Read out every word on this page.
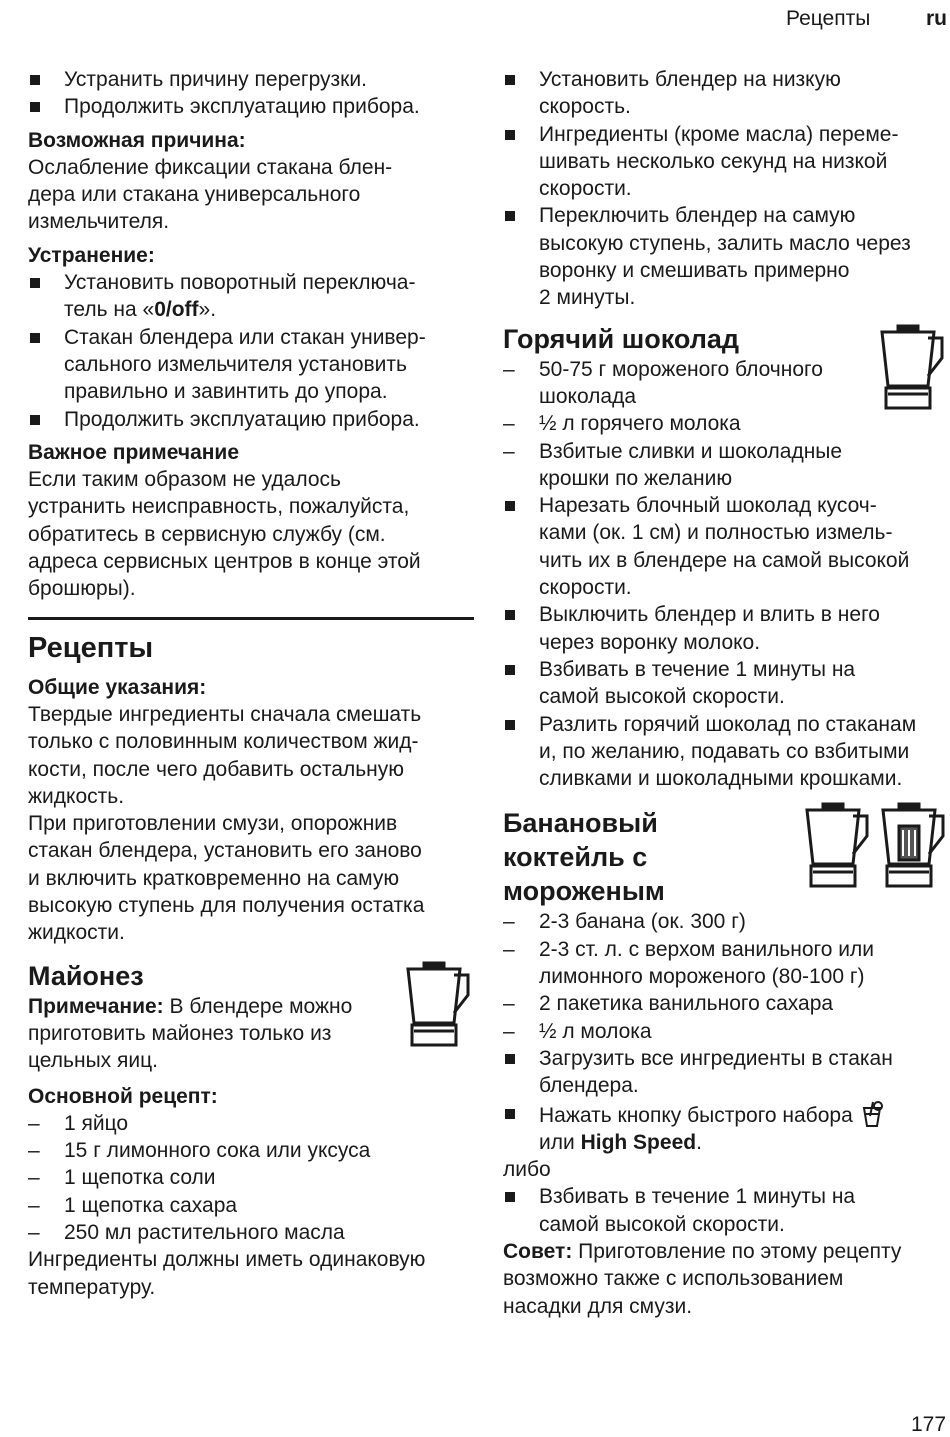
Рецепты	ru
Устранить причину перегрузки.
Продолжить эксплуатацию прибора.

Возможная причина:

Ослабление фиксации стакана блен-
дера или стакана универсального
измельчителя.

Устранение:

Установить поворотный переключа-
тель на «0/off».
Стакан блендера или стакан универ-
сального измельчителя установить
правильно и завинтить до упора.
Продолжить эксплуатацию прибора.

Важное примечание

Если таким образом не удалось
устранить неисправность, пожалуйста,
обратитесь в сервисную службу (см.
адреса сервисных центров в конце этой
брошюры).

Рецепты

Общие указания:

Твердые ингредиенты сначала смешать
только с половинным количеством жид-
кости, после чего добавить остальную
жидкость.
При приготовлении смузи, опорожнив
стакан блендера, установить его заново
и включить кратковременно на самую
высокую ступень для получения остатка
жидкости.

Майонез

Примечание: В блендере можно
приготовить майонез только из
цельных яиц.

Основной рецепт:

– 1 яйцо
– 15 г лимонного сока или уксуса
– 1 щепотка соли
– 1 щепотка сахара
– 250 мл растительного масла

Ингредиенты должны иметь одинаковую
температуру.

Установить блендер на низкую
скорость.
Ингредиенты (кроме масла) переме-
шивать несколько секунд на низкой
скорости.
Переключить блендер на самую
высокую ступень, залить масло через
воронку и смешивать примерно
2 минуты.
Горячий шоколад
– 50-75 г мороженого блочного
шоколада
– ½ л горячего молока
– Взбитые сливки и шоколадные
крошки по желанию
Нарезать блочный шоколад кусоч-
ками (ок. 1 см) и полностью измель-
чить их в блендере на самой высокой
скорости.
Выключить блендер и влить в него
через воронку молоко.
Взбивать в течение 1 минуты на
самой высокой скорости.
Разлить горячий шоколад по стаканам
и, по желанию, подавать со взбитыми
сливками и шоколадными крошками.
Банановый
коктейль с
мороженым
– 2-3 банана (ок. 300 г)
– 2-3 ст. л. с верхом ванильного или
лимонного мороженого (80-100 г)
– 2 пакетика ванильного сахара
– ½ л молока
Загрузить все ингредиенты в стакан
блендера.
Нажать кнопку быстрого набора
или High Speed.

либо

Взбивать в течение 1 минуты на
самой высокой скорости.

Совет: Приготовление по этому рецепту
возможно также с использованием
насадки для смузи.

177
